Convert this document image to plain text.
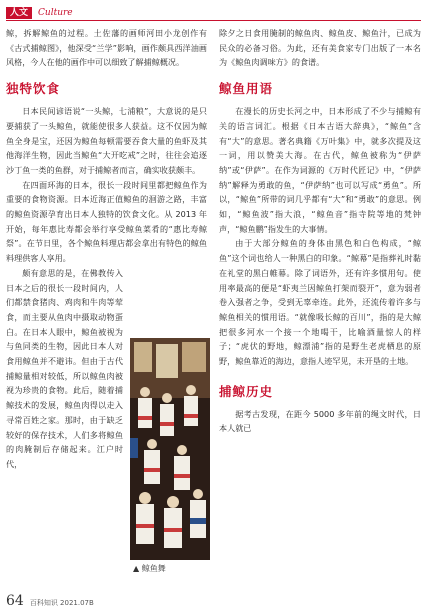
人文	Culture

鲸，拆解鲸鱼的过程。土佐藩的画师河田小龙创作有《古式捕鲸图》，他深受“兰学”影响，画作颇具西洋油画风格，今人在他的画作中可以细致了解捕鲸概况。

独特饮食

日本民间谚语说“一头鲸，七浦粮”，大意说的是只要捕获了一头鲸鱼，就能使很多人获益。这不仅因为鲸鱼全身是宝，还因为鲸鱼每顿需要吞食大量的鱼虾及其他海洋生物，因此当鲸鱼“大开吃戒”之时，往往会追逐沙丁鱼一类的鱼群，对于捕鲸者而言，确实收获颇丰。

在四面环海的日本，很长一段时间里都把鲸鱼作为重要的食物资源。日本近海正值鲸鱼的洄游之路，丰富的鲸鱼资源孕育出日本人独特的饮食文化。从 2013 年开始，每年惠比寿都会举行享受鲸鱼菜肴的“惠比寿鲸祭”。在节日里，各个鲸鱼料理店都会拿出有特色的鲸鱼料理供客人享用。

颇有意思的是，在佛教传入日本之后的很长一段时间内，人们都禁食猪肉、鸡肉和牛肉等荤食，而主要从鱼肉中摄取动物蛋白。在日本人眼中，鲸鱼被视为与鱼同类的生物，因此日本人对食用鲸鱼并不避讳。但由于古代捕鲸量相对较低，所以鲸鱼肉被视为珍贵的食物。此后，随着捕鲸技术的发展，鲸鱼肉得以走入寻常百姓之家。那时，由于缺乏较好的保存技术，人们多将鲸鱼的肉腌制后存储起来。江户时代，

▲ 鲸鱼舞

除夕之日食用腌制的鲸鱼肉、鲸鱼皮、鲸鱼汁，已成为民众的必备习俗。为此，还有美食家专门出版了一本名为《鲸鱼肉调味方》的食谱。

鲸鱼用语

在漫长的历史长河之中，日本形成了不少与捕鲸有关的语言词汇。根据《日本古语大辞典》，“鲸鱼”含有“大”的意思。著名典籍《万叶集》中，就多次提及这一词，用以赞美大海。在古代，鲸鱼被称为“伊萨纳”或“伊萨”。在作为词源的《万时代匠记》中，“伊萨纳”解释为勇敢的鱼，“伊萨纳”也可以写成“勇鱼”。所以，“鲸鱼”所带的词几乎都有“大”和“勇敢”的意思。例如，“鲸鱼波”指大浪，“鲸鱼音”指寺院等地的梵钟声，“鲸鱼鹏”指发生的大事情。

由于大部分鲸鱼的身体由黑色和白色构成，“鲸鱼”这个词也给人一种黑白的印象。“鲸幕”是指葬礼时黏在礼堂的黑白帷幕。除了词语外，还有许多惯用句。使用率最高的便是“虾夷兰因鲸鱼打架而裂开”，意为弱者卷入强者之争，受到无辜牵连。此外，还流传着许多与鲸鱼相关的惯用语。“就像吸长鲸的百川”，指的是大鲸把很多河水一个接一个地喝干，比喻酒量惊人的样子；“虎伏的野地，鲸漂浦”指的是野生老虎栖息的原野，鲸鱼靠近的海边，意指人迹罕见，未开垦的土地。

捕鲸历史

据考古发现，在距今 5000 多年前的绳文时代，日本人就已

64 百科知识 2021.07B
